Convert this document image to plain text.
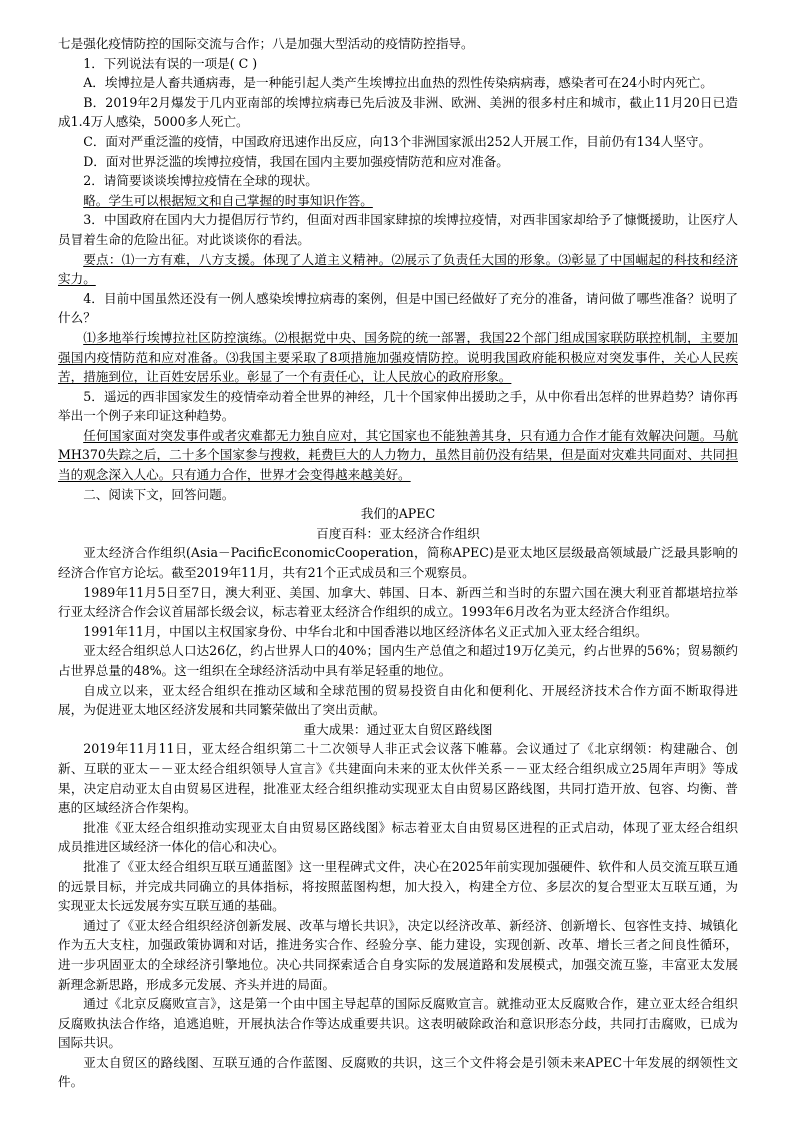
七是强化疫情防控的国际交流与合作；八是加强大型活动的疫情防控指导。

1．下列说法有误的一项是( C )

A．埃博拉是人畜共通病毒，是一种能引起人类产生埃博拉出血热的烈性传染病病毒，感染者可在24小时内死亡。

B．2019年2月爆发于几内亚南部的埃博拉病毒已先后波及非洲、欧洲、美洲的很多村庄和城市，截止11月20日已造成1.4万人感染，5000多人死亡。

C．面对严重泛滥的疫情，中国政府迅速作出反应，向13个非洲国家派出252人开展工作，目前仍有134人坚守。

D．面对世界泛滥的埃博拉疫情，我国在国内主要加强疫情防范和应对准备。

2．请简要谈谈埃博拉疫情在全球的现状。

略。学生可以根据短文和自己掌握的时事知识作答。

3．中国政府在国内大力提倡厉行节约，但面对西非国家肆掠的埃博拉疫情，对西非国家却给予了慷慨援助，让医疗人员冒着生命的危险出征。对此谈谈你的看法。

要点：⑴一方有难，八方支援。体现了人道主义精神。⑵展示了负责任大国的形象。⑶彰显了中国崛起的科技和经济实力。

4．目前中国虽然还没有一例人感染埃博拉病毒的案例，但是中国已经做好了充分的准备，请问做了哪些准备？说明了什么？

⑴多地举行埃博拉社区防控演练。⑵根据党中央、国务院的统一部署，我国22个部门组成国家联防联控机制，主要加强国内疫情防范和应对准备。⑶我国主要采取了8项措施加强疫情防控。说明我国政府能积极应对突发事件，关心人民疾苦，措施到位，让百姓安居乐业。彰显了一个有责任心，让人民放心的政府形象。

5．遥远的西非国家发生的疫情牵动着全世界的神经，几十个国家伸出援助之手，从中你看出怎样的世界趋势？请你再举出一个例子来印证这种趋势。

任何国家面对突发事件或者灾难都无力独自应对，其它国家也不能独善其身，只有通力合作才能有效解决问题。马航MH370失踪之后，二十多个国家参与搜救，耗费巨大的人力物力，虽然目前仍没有结果，但是面对灾难共同面对、共同担当的观念深入人心。只有通力合作，世界才会变得越来越美好。

二、阅读下文，回答问题。

我们的APEC

百度百科：亚太经济合作组织

亚太经济合作组织(Asia－PacificEconomicCooperation，简称APEC)是亚太地区层级最高领域最广泛最具影响的经济合作官方论坛。截至2019年11月，共有21个正式成员和三个观察员。

1989年11月5日至7日，澳大利亚、美国、加拿大、韩国、日本、新西兰和当时的东盟六国在澳大利亚首都堪培拉举行亚太经济合作会议首届部长级会议，标志着亚太经济合作组织的成立。1993年6月改名为亚太经济合作组织。

1991年11月，中国以主权国家身份、中华台北和中国香港以地区经济体名义正式加入亚太经合组织。

亚太经合组织总人口达26亿，约占世界人口的40%；国内生产总值之和超过19万亿美元，约占世界的56%；贸易额约占世界总量的48%。这一组织在全球经济活动中具有举足轻重的地位。

自成立以来，亚太经合组织在推动区域和全球范围的贸易投资自由化和便利化、开展经济技术合作方面不断取得进展，为促进亚太地区经济发展和共同繁荣做出了突出贡献。

重大成果：通过亚太自贸区路线图

2019年11月11日，亚太经合组织第二十二次领导人非正式会议落下帷幕。会议通过了《北京纲领：构建融合、创新、互联的亚太－－亚太经合组织领导人宣言》《共建面向未来的亚太伙伴关系－－亚太经合组织成立25周年声明》等成果，决定启动亚太自由贸易区进程，批准亚太经合组织推动实现亚太自由贸易区路线图，共同打造开放、包容、均衡、普惠的区域经济合作架构。

批准《亚太经合组织推动实现亚太自由贸易区路线图》标志着亚太自由贸易区进程的正式启动，体现了亚太经合组织成员推进区域经济一体化的信心和决心。

批准了《亚太经合组织互联互通蓝图》这一里程碑式文件，决心在2025年前实现加强硬件、软件和人员交流互联互通的远景目标，并完成共同确立的具体指标，将按照蓝图构想，加大投入，构建全方位、多层次的复合型亚太互联互通，为实现亚太长远发展夯实互联互通的基础。

通过了《亚太经合组织经济创新发展、改革与增长共识》，决定以经济改革、新经济、创新增长、包容性支持、城镇化作为五大支柱，加强政策协调和对话，推进务实合作、经验分享、能力建设，实现创新、改革、增长三者之间良性循环，进一步巩固亚太的全球经济引擎地位。决心共同探索适合自身实际的发展道路和发展模式，加强交流互鉴，丰富亚太发展新理念新思路，形成多元发展、齐头并进的局面。

通过《北京反腐败宣言》，这是第一个由中国主导起草的国际反腐败宣言。就推动亚太反腐败合作，建立亚太经合组织反腐败执法合作络，追逃追赃，开展执法合作等达成重要共识。这表明破除政治和意识形态分歧，共同打击腐败，已成为国际共识。

亚太自贸区的路线图、互联互通的合作蓝图、反腐败的共识，这三个文件将会是引领未来APEC十年发展的纲领性文件。
